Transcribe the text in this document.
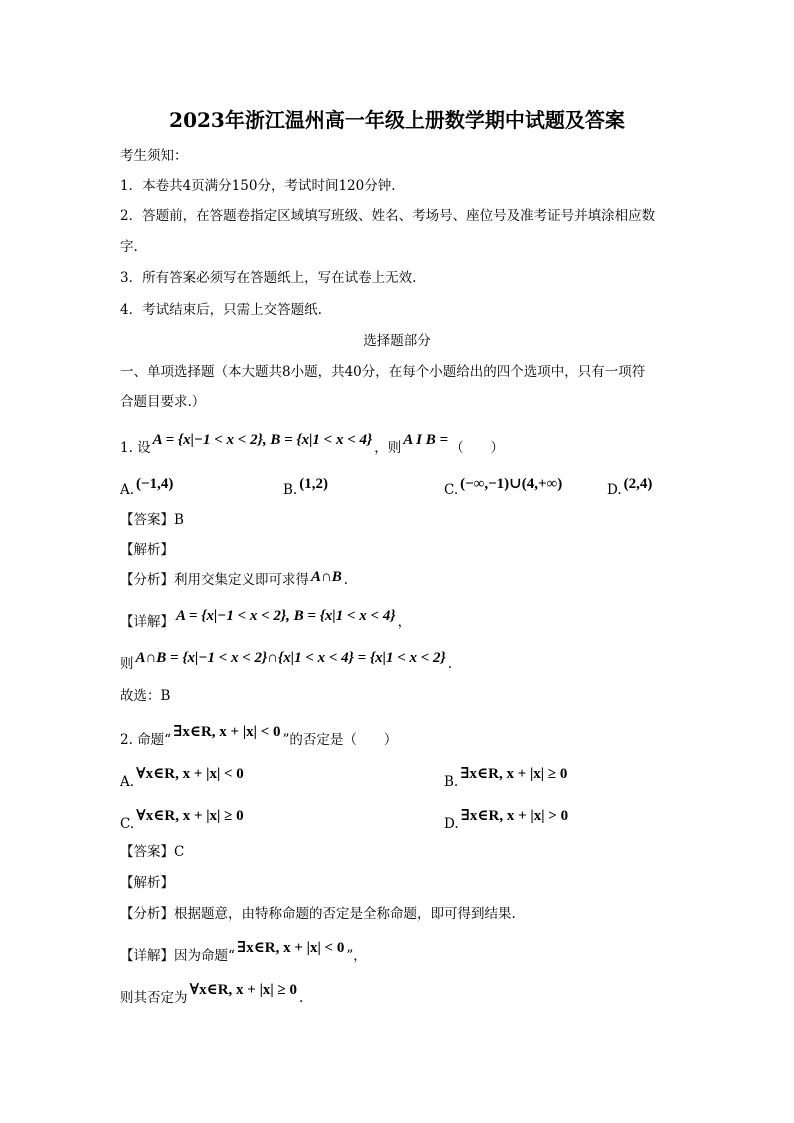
2023年浙江温州高一年级上册数学期中试题及答案
考生须知：
1．本卷共4页满分150分，考试时间120分钟.
2．答题前，在答题卷指定区域填写班级、姓名、考场号、座位号及准考证号并填涂相应数
字.
3．所有答案必须写在答题纸上，写在试卷上无效.
4．考试结束后，只需上交答题纸.
选择题部分
一、单项选择题（本大题共8小题，共40分，在每个小题给出的四个选项中，只有一项符
合题目要求.）
1. 设 A = {x|−1 < x < 2}, B = {x|1 < x < 4} ，则 A I B = （　　）
A. (−1,4)	B. (1,2)	C. (−∞,−1)∪(4,+∞)	D. (2,4)
【答案】B
【解析】
【分析】利用交集定义即可求得 A∩B .
【详解】 A = {x|−1 < x < 2}, B = {x|1 < x < 4} ，
则 A∩B = {x|−1 < x < 2}∩{x|1 < x < 4} = {x|1 < x < 2} .
故选：B
2. 命题“ ∃x∈R, x + |x| < 0 ”的否定是（　　）
A. ∀x∈R, x + |x| < 0	B. ∃x∈R, x + |x| ≥ 0
C. ∀x∈R, x + |x| ≥ 0	D. ∃x∈R, x + |x| > 0
【答案】C
【解析】
【分析】根据题意，由特称命题的否定是全称命题，即可得到结果.
【详解】因为命题“ ∃x∈R, x + |x| < 0 ”，
则其否定为 ∀x∈R, x + |x| ≥ 0 .
